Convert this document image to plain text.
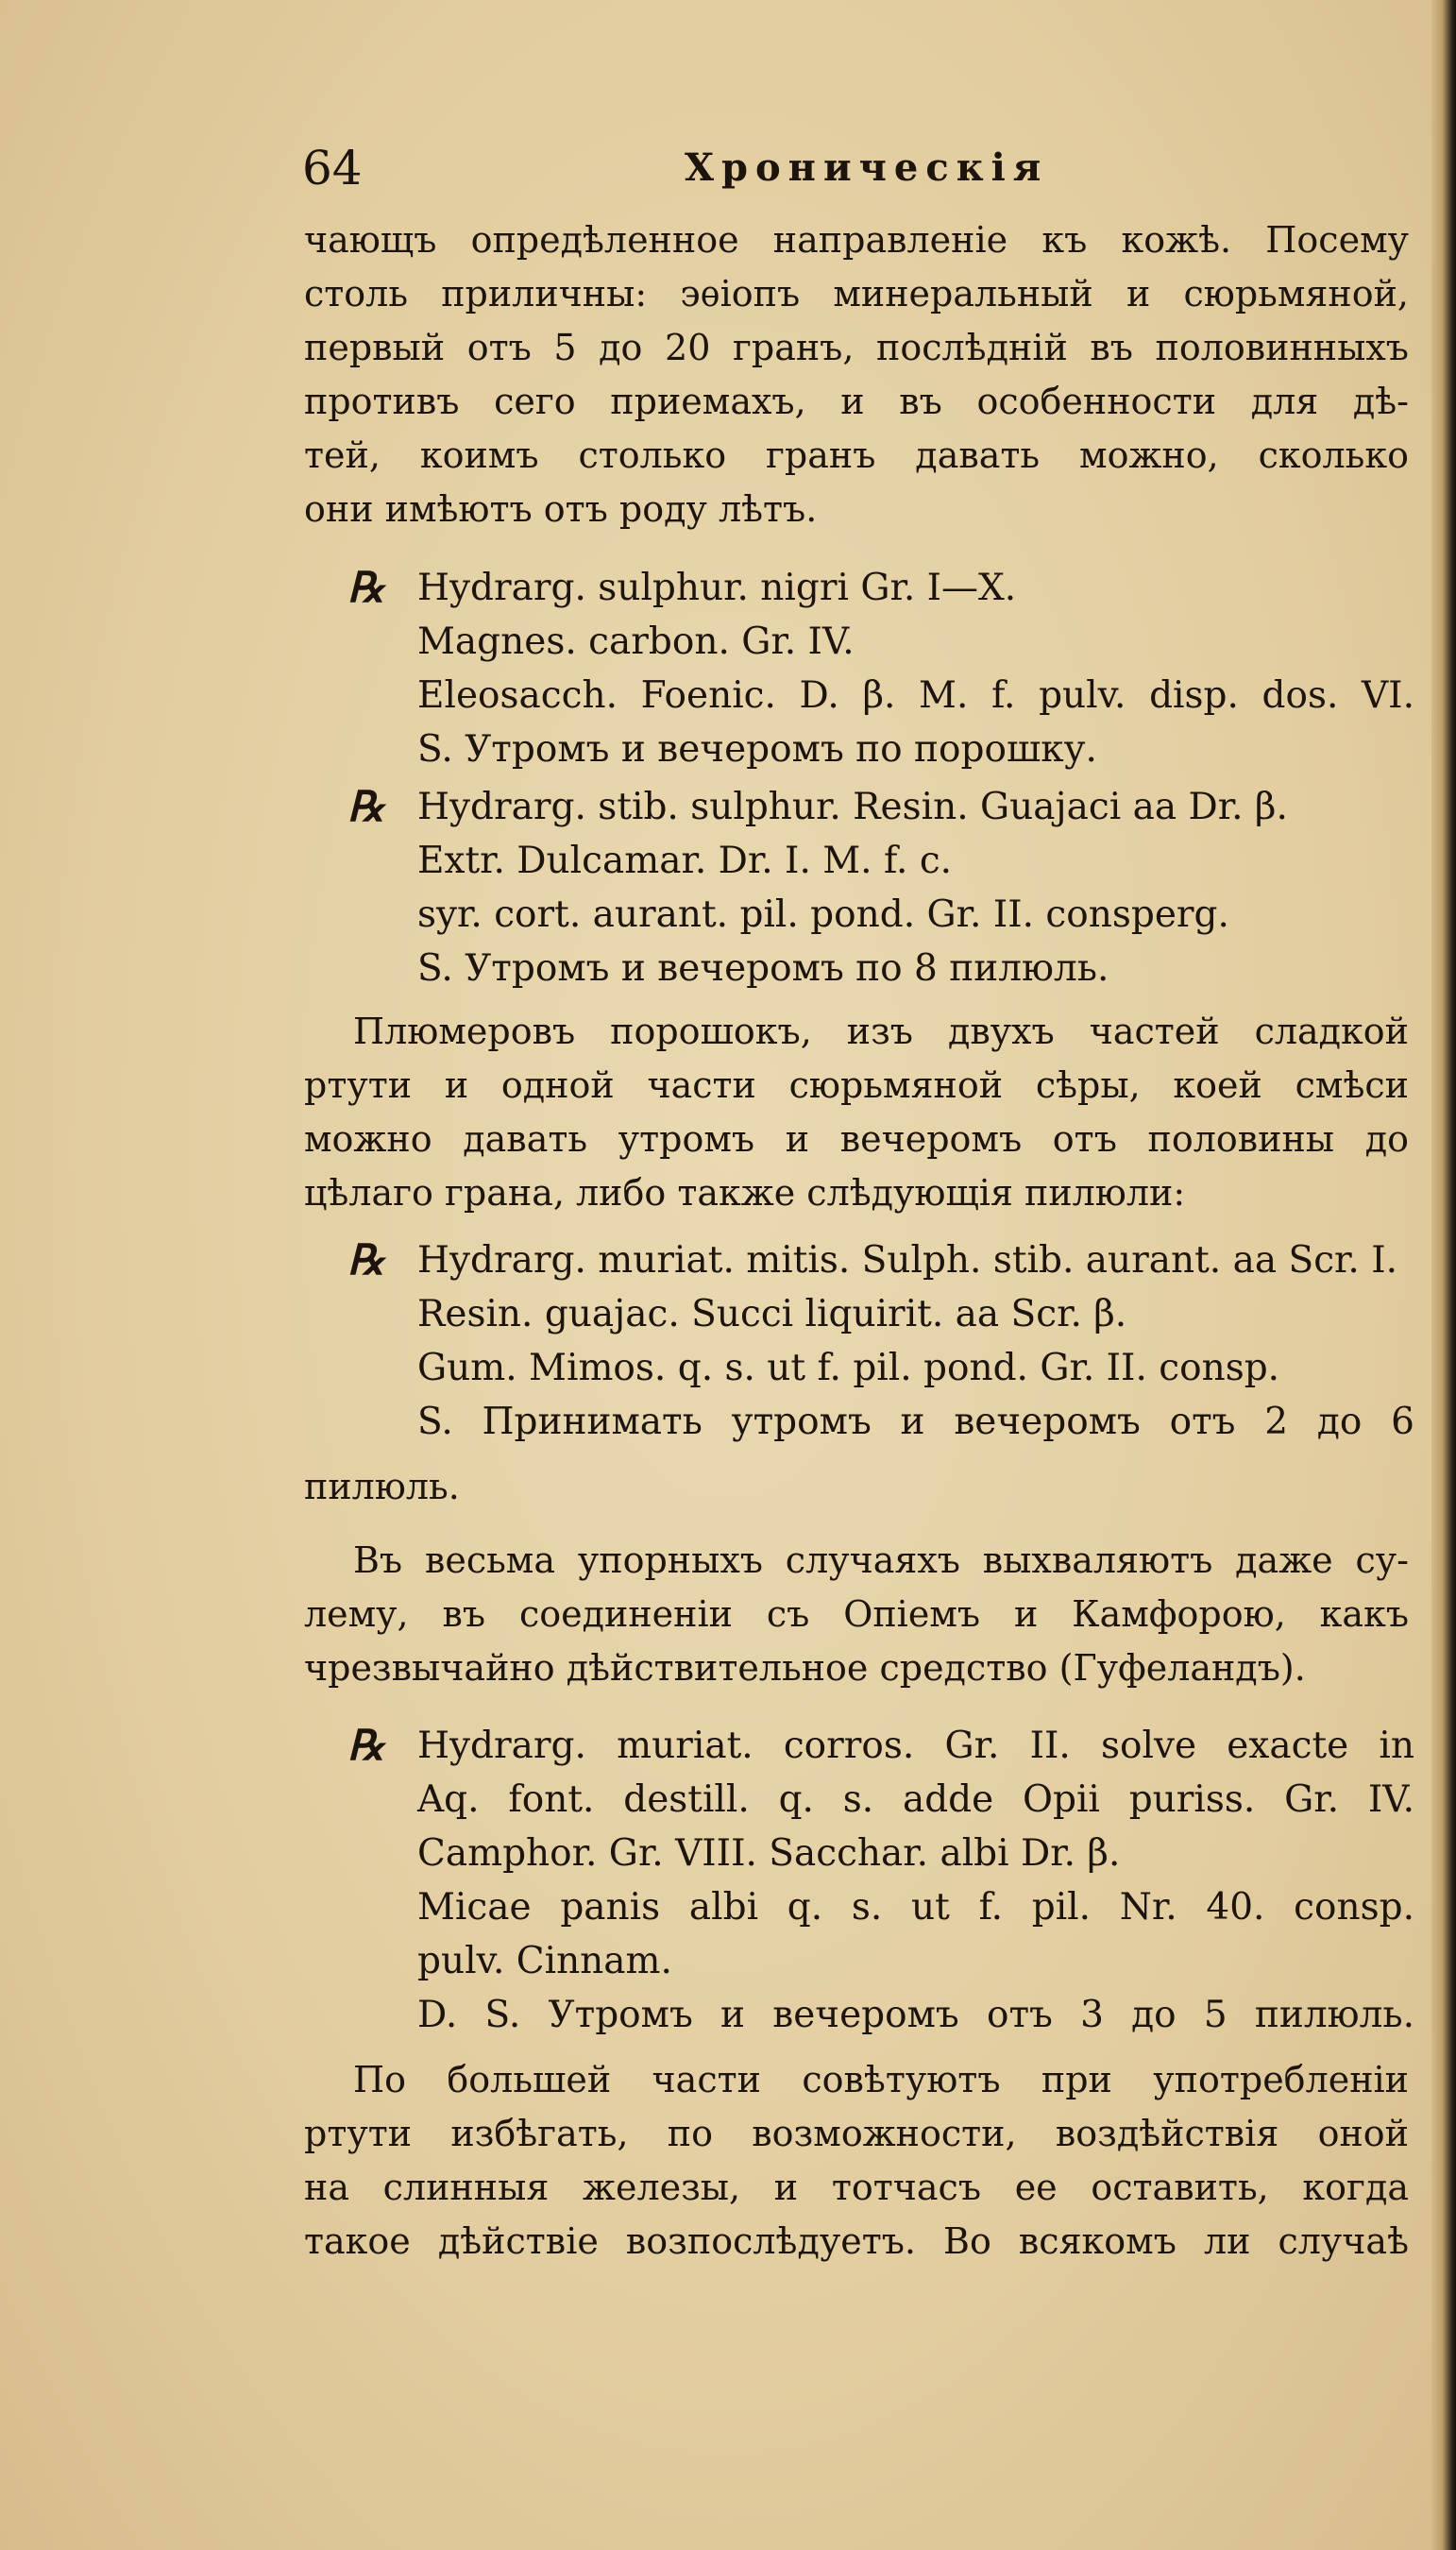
64	Хроническія
чающъ опредѣленное направленіе къ кожѣ. Посему
столь приличны: эѳіопъ минеральный и сюрьмяной,
первый отъ 5 до 20 гранъ, послѣдній въ половинныхъ
противъ сего приемахъ, и въ особенности для дѣ-
тей, коимъ столько гранъ давать можно, сколько
они имѣютъ отъ роду лѣтъ.
℞ Hydrarg. sulphur. nigri Gr. I—X.
Magnes. carbon. Gr. IV.
Eleosacch. Foenic. D. β. M. f. pulv. disp. dos. VI.
S. Утромъ и вечеромъ по порошку.
℞ Hydrarg. stib. sulphur. Resin. Guajaci aa Dr. β.
Extr. Dulcamar. Dr. I. M. f. c.
syr. cort. aurant. pil. pond. Gr. II. consperg.
S. Утромъ и вечеромъ по 8 пилюль.
Плюмеровъ порошокъ, изъ двухъ частей сладкой
ртути и одной части сюрьмяной сѣры, коей смѣси
можно давать утромъ и вечеромъ отъ половины до
цѣлаго грана, либо также слѣдующія пилюли:
℞ Hydrarg. muriat. mitis. Sulph. stib. aurant. aa Scr. I.
Resin. guajac. Succi liquirit. aa Scr. β.
Gum. Mimos. q. s. ut f. pil. pond. Gr. II. consp.
S. Принимать утромъ и вечеромъ отъ 2 до 6
пилюль.
Въ весьма упорныхъ случаяхъ выхваляютъ даже су-
лему, въ соединеніи съ Опіемъ и Камфорою, какъ
чрезвычайно дѣйствительное средство (Гуфеландъ).
℞ Hydrarg. muriat. corros. Gr. II. solve exacte in
Aq. font. destill. q. s. adde Opii puriss. Gr. IV.
Camphor. Gr. VIII. Sacchar. albi Dr. β.
Micae panis albi q. s. ut f. pil. Nr. 40. consp.
pulv. Cinnam.
D. S. Утромъ и вечеромъ отъ 3 до 5 пилюль.
По большей части совѣтуютъ при употребленіи
ртути избѣгать, по возможности, воздѣйствія оной
на слинныя железы, и тотчасъ ее оставить, когда
такое дѣйствіе возпослѣдуетъ. Во всякомъ ли случаѣ
